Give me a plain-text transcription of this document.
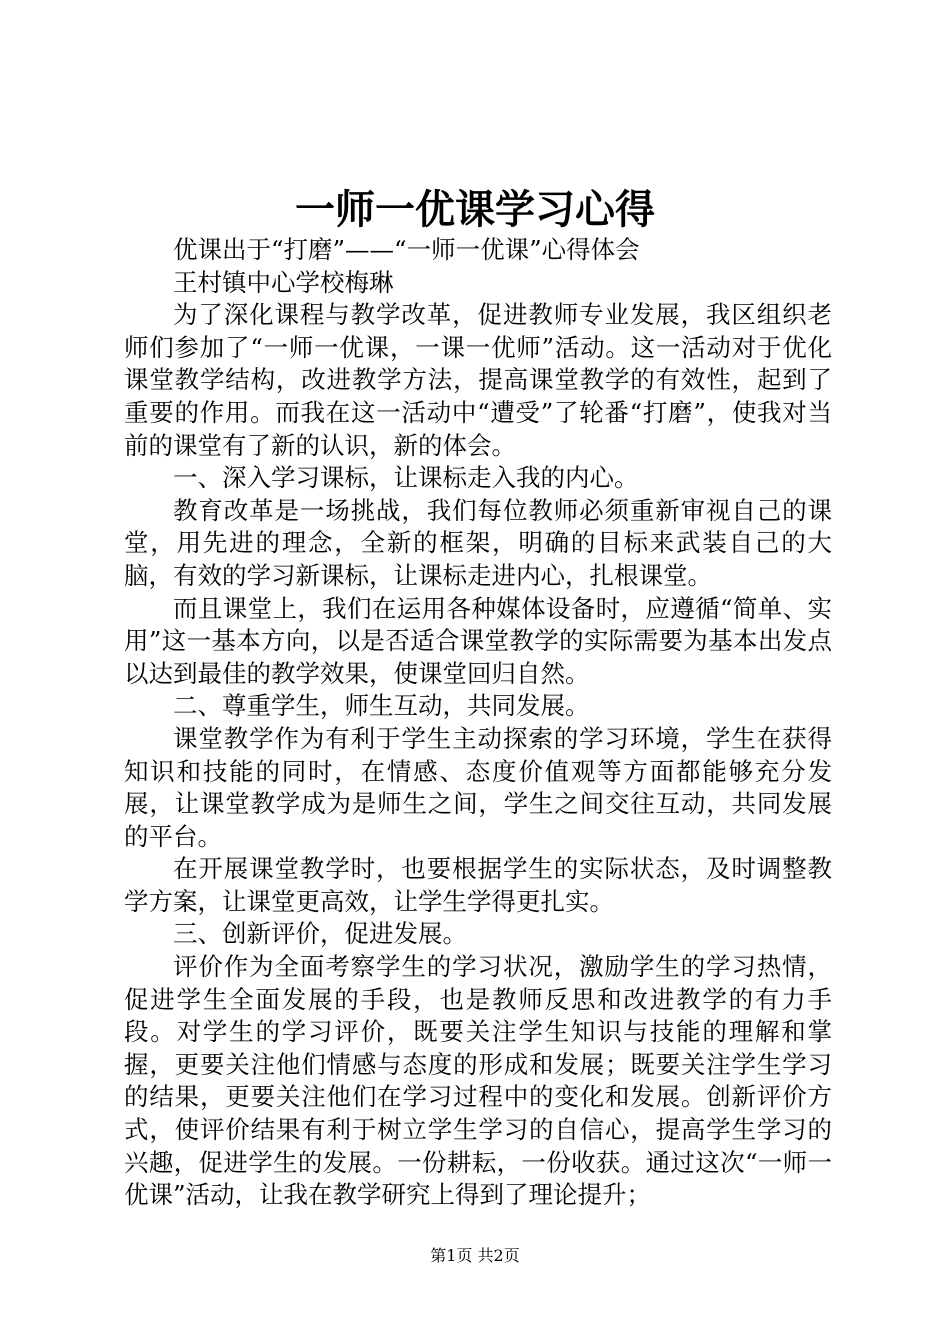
一师一优课学习心得

优课出于“打磨”——“一师一优课”心得体会

王村镇中心学校梅琳

为了深化课程与教学改革，促进教师专业发展，我区组织老师们参加了“一师一优课，一课一优师”活动。这一活动对于优化课堂教学结构，改进教学方法，提高课堂教学的有效性，起到了重要的作用。而我在这一活动中“遭受”了轮番“打磨”，使我对当前的课堂有了新的认识，新的体会。

一、深入学习课标，让课标走入我的内心。

教育改革是一场挑战，我们每位教师必须重新审视自己的课堂，用先进的理念，全新的框架，明确的目标来武装自己的大脑，有效的学习新课标，让课标走进内心，扎根课堂。

而且课堂上，我们在运用各种媒体设备时，应遵循“简单、实用”这一基本方向，以是否适合课堂教学的实际需要为基本出发点以达到最佳的教学效果，使课堂回归自然。

二、尊重学生，师生互动，共同发展。

课堂教学作为有利于学生主动探索的学习环境，学生在获得知识和技能的同时，在情感、态度价值观等方面都能够充分发展，让课堂教学成为是师生之间，学生之间交往互动，共同发展的平台。

在开展课堂教学时，也要根据学生的实际状态，及时调整教学方案，让课堂更高效，让学生学得更扎实。

三、创新评价，促进发展。

评价作为全面考察学生的学习状况，激励学生的学习热情，促进学生全面发展的手段，也是教师反思和改进教学的有力手段。对学生的学习评价，既要关注学生知识与技能的理解和掌握，更要关注他们情感与态度的形成和发展；既要关注学生学习的结果，更要关注他们在学习过程中的变化和发展。创新评价方式，使评价结果有利于树立学生学习的自信心，提高学生学习的兴趣，促进学生的发展。一份耕耘，一份收获。通过这次“一师一优课”活动，让我在教学研究上得到了理论提升；

第1页 共2页
